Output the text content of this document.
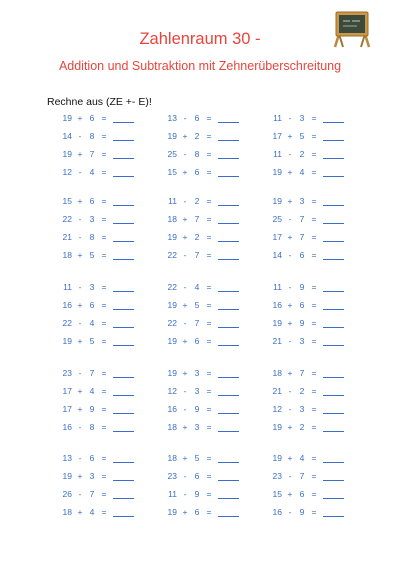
Zahlenraum 30 -
Addition und Subtraktion mit Zehnerüberschreitung
Rechne aus (ZE +- E)!
19 + 6 =
14 - 8 =
19 + 7 =
12 - 4 =
13 - 6 =
19 + 2 =
25 - 8 =
15 + 6 =
11 - 3 =
17 + 5 =
11 - 2 =
19 + 4 =
15 + 6 =
22 - 3 =
21 - 8 =
18 + 5 =
11 - 2 =
18 + 7 =
19 + 2 =
22 - 7 =
19 + 3 =
25 - 7 =
17 + 7 =
14 - 6 =
11 - 3 =
16 + 6 =
22 - 4 =
19 + 5 =
22 - 4 =
19 + 5 =
22 - 7 =
19 + 6 =
11 - 9 =
16 + 6 =
19 + 9 =
21 - 3 =
23 - 7 =
17 + 4 =
17 + 9 =
16 - 8 =
19 + 3 =
12 - 3 =
16 - 9 =
18 + 3 =
18 + 7 =
21 - 2 =
12 - 3 =
19 + 2 =
13 - 6 =
19 + 3 =
26 - 7 =
18 + 4 =
18 + 5 =
23 - 6 =
11 - 9 =
19 + 6 =
19 + 4 =
23 - 7 =
15 + 6 =
16 - 9 =
